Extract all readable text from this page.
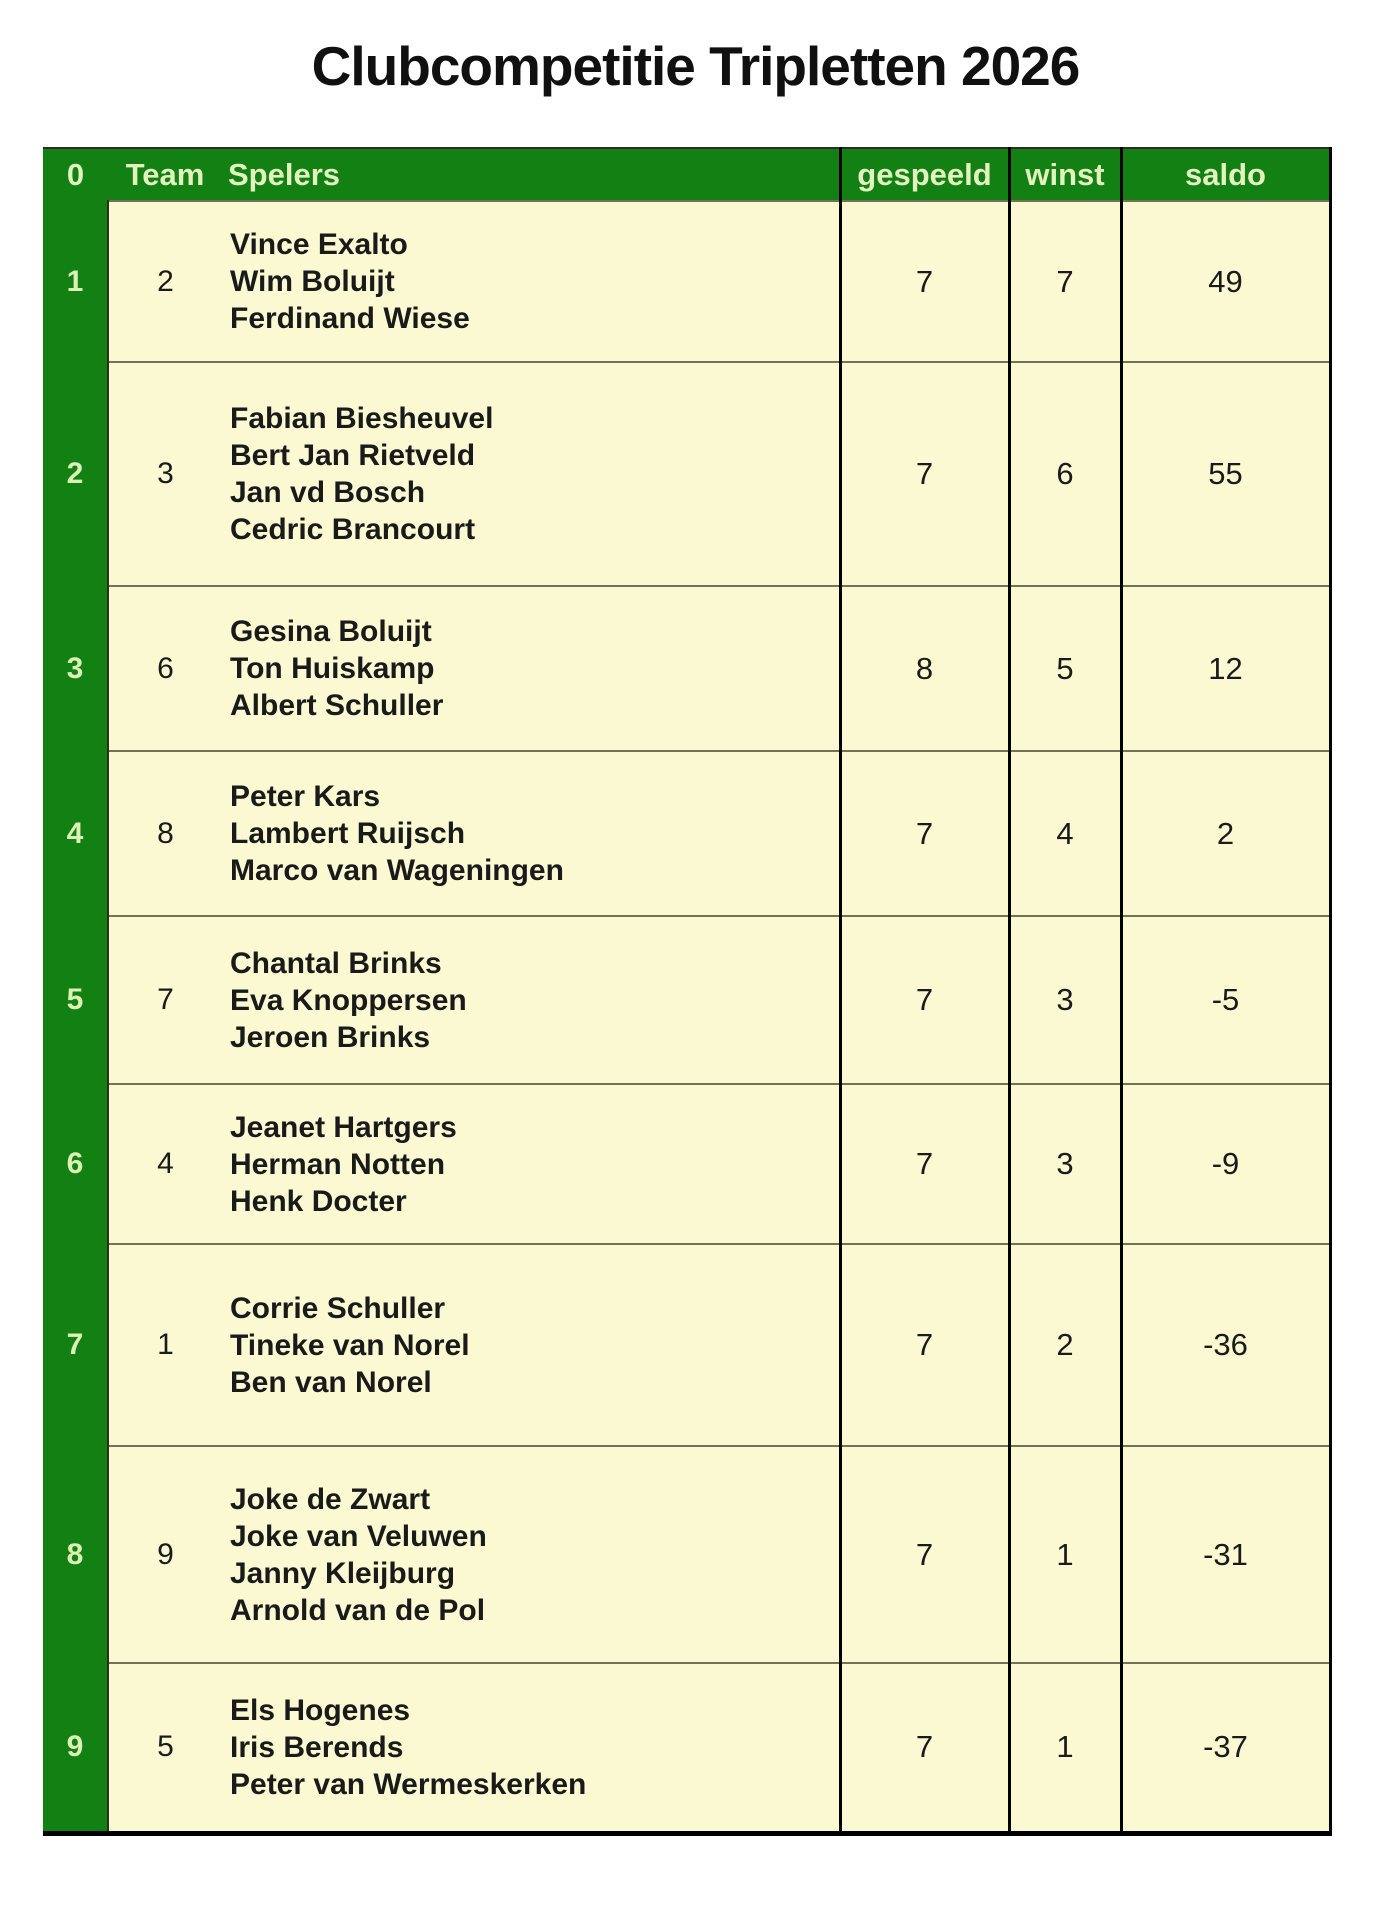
Clubcompetitie Tripletten 2026
0	Team	Spelers	gespeeld	winst	saldo
1	2	Vince Exalto
Wim Boluijt
Ferdinand Wiese	7	7	49
2	3	Fabian Biesheuvel
Bert Jan Rietveld
Jan vd Bosch
Cedric Brancourt	7	6	55
3	6	Gesina Boluijt
Ton Huiskamp
Albert Schuller	8	5	12
4	8	Peter Kars
Lambert Ruijsch
Marco van Wageningen	7	4	2
5	7	Chantal Brinks
Eva Knoppersen
Jeroen Brinks	7	3	-5
6	4	Jeanet Hartgers
Herman Notten
Henk Docter	7	3	-9
7	1	Corrie Schuller
Tineke van Norel
Ben van Norel	7	2	-36
8	9	Joke de Zwart
Joke van Veluwen
Janny Kleijburg
Arnold van de Pol	7	1	-31
9	5	Els Hogenes
Iris Berends
Peter van Wermeskerken	7	1	-37
